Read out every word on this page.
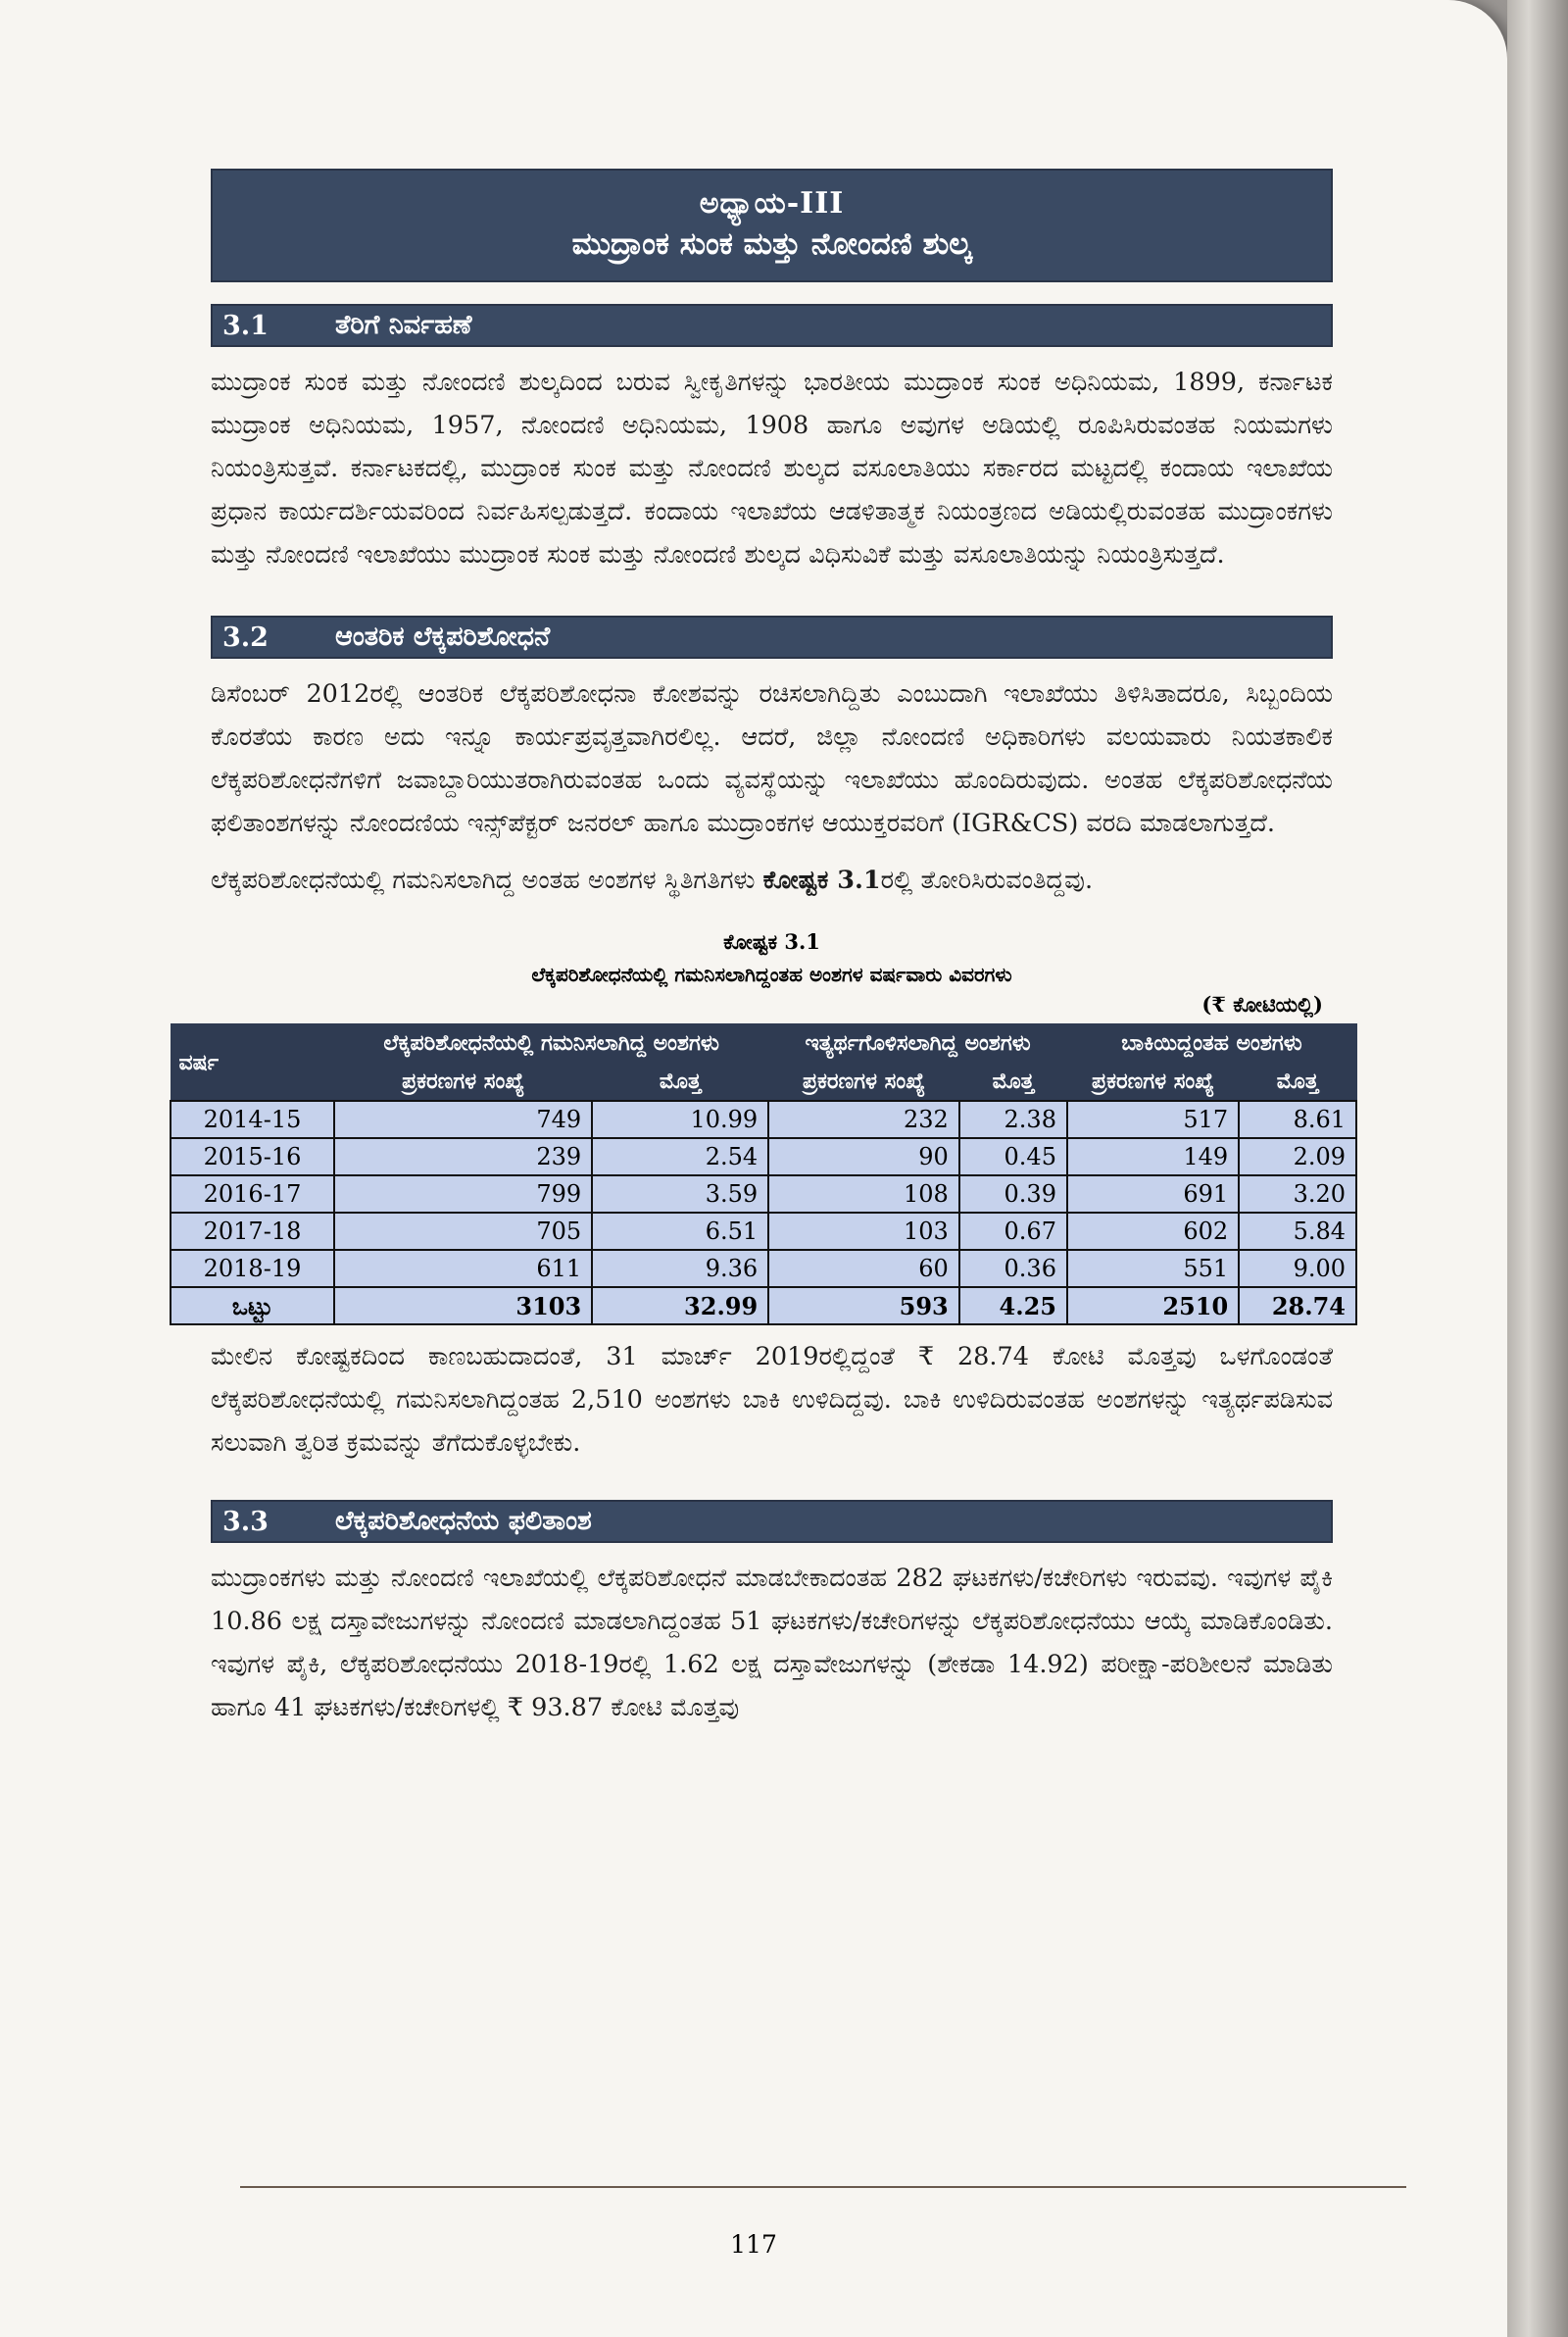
ಅಧ್ಯಾಯ-III
ಮುದ್ರಾಂಕ ಸುಂಕ ಮತ್ತು ನೋಂದಣಿ ಶುಲ್ಕ
3.1	ತೆರಿಗೆ ನಿರ್ವಹಣೆ
ಮುದ್ರಾಂಕ ಸುಂಕ ಮತ್ತು ನೋಂದಣಿ ಶುಲ್ಕದಿಂದ ಬರುವ ಸ್ವೀಕೃತಿಗಳನ್ನು ಭಾರತೀಯ ಮುದ್ರಾಂಕ ಸುಂಕ ಅಧಿನಿಯಮ, 1899, ಕರ್ನಾಟಕ ಮುದ್ರಾಂಕ ಅಧಿನಿಯಮ, 1957, ನೋಂದಣಿ ಅಧಿನಿಯಮ, 1908 ಹಾಗೂ ಅವುಗಳ ಅಡಿಯಲ್ಲಿ ರೂಪಿಸಿರುವಂತಹ ನಿಯಮಗಳು ನಿಯಂತ್ರಿಸುತ್ತವೆ. ಕರ್ನಾಟಕದಲ್ಲಿ, ಮುದ್ರಾಂಕ ಸುಂಕ ಮತ್ತು ನೋಂದಣಿ ಶುಲ್ಕದ ವಸೂಲಾತಿಯು ಸರ್ಕಾರದ ಮಟ್ಟದಲ್ಲಿ ಕಂದಾಯ ಇಲಾಖೆಯ ಪ್ರಧಾನ ಕಾರ್ಯದರ್ಶಿಯವರಿಂದ ನಿರ್ವಹಿಸಲ್ಪಡುತ್ತದೆ. ಕಂದಾಯ ಇಲಾಖೆಯ ಆಡಳಿತಾತ್ಮಕ ನಿಯಂತ್ರಣದ ಅಡಿಯಲ್ಲಿರುವಂತಹ ಮುದ್ರಾಂಕಗಳು ಮತ್ತು ನೋಂದಣಿ ಇಲಾಖೆಯು ಮುದ್ರಾಂಕ ಸುಂಕ ಮತ್ತು ನೋಂದಣಿ ಶುಲ್ಕದ ವಿಧಿಸುವಿಕೆ ಮತ್ತು ವಸೂಲಾತಿಯನ್ನು ನಿಯಂತ್ರಿಸುತ್ತದೆ.
3.2	ಆಂತರಿಕ ಲೆಕ್ಕಪರಿಶೋಧನೆ
ಡಿಸೆಂಬರ್ 2012ರಲ್ಲಿ ಆಂತರಿಕ ಲೆಕ್ಕಪರಿಶೋಧನಾ ಕೋಶವನ್ನು ರಚಿಸಲಾಗಿದ್ದಿತು ಎಂಬುದಾಗಿ ಇಲಾಖೆಯು ತಿಳಿಸಿತಾದರೂ, ಸಿಬ್ಬಂದಿಯ ಕೊರತೆಯ ಕಾರಣ ಅದು ಇನ್ನೂ ಕಾರ್ಯಪ್ರವೃತ್ತವಾಗಿರಲಿಲ್ಲ. ಆದರೆ, ಜಿಲ್ಲಾ ನೋಂದಣಿ ಅಧಿಕಾರಿಗಳು ವಲಯವಾರು ನಿಯತಕಾಲಿಕ ಲೆಕ್ಕಪರಿಶೋಧನೆಗಳಿಗೆ ಜವಾಬ್ದಾರಿಯುತರಾಗಿರುವಂತಹ ಒಂದು ವ್ಯವಸ್ಥೆಯನ್ನು ಇಲಾಖೆಯು ಹೊಂದಿರುವುದು. ಅಂತಹ ಲೆಕ್ಕಪರಿಶೋಧನೆಯ ಫಲಿತಾಂಶಗಳನ್ನು ನೋಂದಣಿಯ ಇನ್ಸ್‌ಪೆಕ್ಟರ್ ಜನರಲ್ ಹಾಗೂ ಮುದ್ರಾಂಕಗಳ ಆಯುಕ್ತರವರಿಗೆ (IGR&CS) ವರದಿ ಮಾಡಲಾಗುತ್ತದೆ.
ಲೆಕ್ಕಪರಿಶೋಧನೆಯಲ್ಲಿ ಗಮನಿಸಲಾಗಿದ್ದ ಅಂತಹ ಅಂಶಗಳ ಸ್ಥಿತಿಗತಿಗಳು ಕೋಷ್ಟಕ 3.1ರಲ್ಲಿ ತೋರಿಸಿರುವಂತಿದ್ದವು.
ಕೋಷ್ಟಕ 3.1
ಲೆಕ್ಕಪರಿಶೋಧನೆಯಲ್ಲಿ ಗಮನಿಸಲಾಗಿದ್ದಂತಹ ಅಂಶಗಳ ವರ್ಷವಾರು ವಿವರಗಳು
(₹ ಕೋಟಿಯಲ್ಲಿ)
ವರ್ಷ	ಲೆಕ್ಕಪರಿಶೋಧನೆಯಲ್ಲಿ ಗಮನಿಸಲಾಗಿದ್ದ ಅಂಶಗಳು		ಇತ್ಯರ್ಥಗೊಳಿಸಲಾಗಿದ್ದ ಅಂಶಗಳು		ಬಾಕಿಯಿದ್ದಂತಹ ಅಂಶಗಳು	
	ಪ್ರಕರಣಗಳ ಸಂಖ್ಯೆ	ಮೊತ್ತ	ಪ್ರಕರಣಗಳ ಸಂಖ್ಯೆ	ಮೊತ್ತ	ಪ್ರಕರಣಗಳ ಸಂಖ್ಯೆ	ಮೊತ್ತ
2014-15	749	10.99	232	2.38	517	8.61
2015-16	239	2.54	90	0.45	149	2.09
2016-17	799	3.59	108	0.39	691	3.20
2017-18	705	6.51	103	0.67	602	5.84
2018-19	611	9.36	60	0.36	551	9.00
ಒಟ್ಟು	3103	32.99	593	4.25	2510	28.74
ಮೇಲಿನ ಕೋಷ್ಟಕದಿಂದ ಕಾಣಬಹುದಾದಂತೆ, 31 ಮಾರ್ಚ್ 2019ರಲ್ಲಿದ್ದಂತೆ ₹ 28.74 ಕೋಟಿ ಮೊತ್ತವು ಒಳಗೊಂಡಂತೆ ಲೆಕ್ಕಪರಿಶೋಧನೆಯಲ್ಲಿ ಗಮನಿಸಲಾಗಿದ್ದಂತಹ 2,510 ಅಂಶಗಳು ಬಾಕಿ ಉಳಿದಿದ್ದವು. ಬಾಕಿ ಉಳಿದಿರುವಂತಹ ಅಂಶಗಳನ್ನು ಇತ್ಯರ್ಥಪಡಿಸುವ ಸಲುವಾಗಿ ತ್ವರಿತ ಕ್ರಮವನ್ನು ತೆಗೆದುಕೊಳ್ಳಬೇಕು.
3.3	ಲೆಕ್ಕಪರಿಶೋಧನೆಯ ಫಲಿತಾಂಶ
ಮುದ್ರಾಂಕಗಳು ಮತ್ತು ನೋಂದಣಿ ಇಲಾಖೆಯಲ್ಲಿ ಲೆಕ್ಕಪರಿಶೋಧನೆ ಮಾಡಬೇಕಾದಂತಹ 282 ಘಟಕಗಳು/ಕಚೇರಿಗಳು ಇರುವವು. ಇವುಗಳ ಪೈಕಿ 10.86 ಲಕ್ಷ ದಸ್ತಾವೇಜುಗಳನ್ನು ನೋಂದಣಿ ಮಾಡಲಾಗಿದ್ದಂತಹ 51 ಘಟಕಗಳು/ಕಚೇರಿಗಳನ್ನು ಲೆಕ್ಕಪರಿಶೋಧನೆಯು ಆಯ್ಕೆ ಮಾಡಿಕೊಂಡಿತು. ಇವುಗಳ ಪೈಕಿ, ಲೆಕ್ಕಪರಿಶೋಧನೆಯು 2018-19ರಲ್ಲಿ 1.62 ಲಕ್ಷ ದಸ್ತಾವೇಜುಗಳನ್ನು (ಶೇಕಡಾ 14.92) ಪರೀಕ್ಷಾ-ಪರಿಶೀಲನೆ ಮಾಡಿತು ಹಾಗೂ 41 ಘಟಕಗಳು/ಕಚೇರಿಗಳಲ್ಲಿ ₹ 93.87 ಕೋಟಿ ಮೊತ್ತವು
117
